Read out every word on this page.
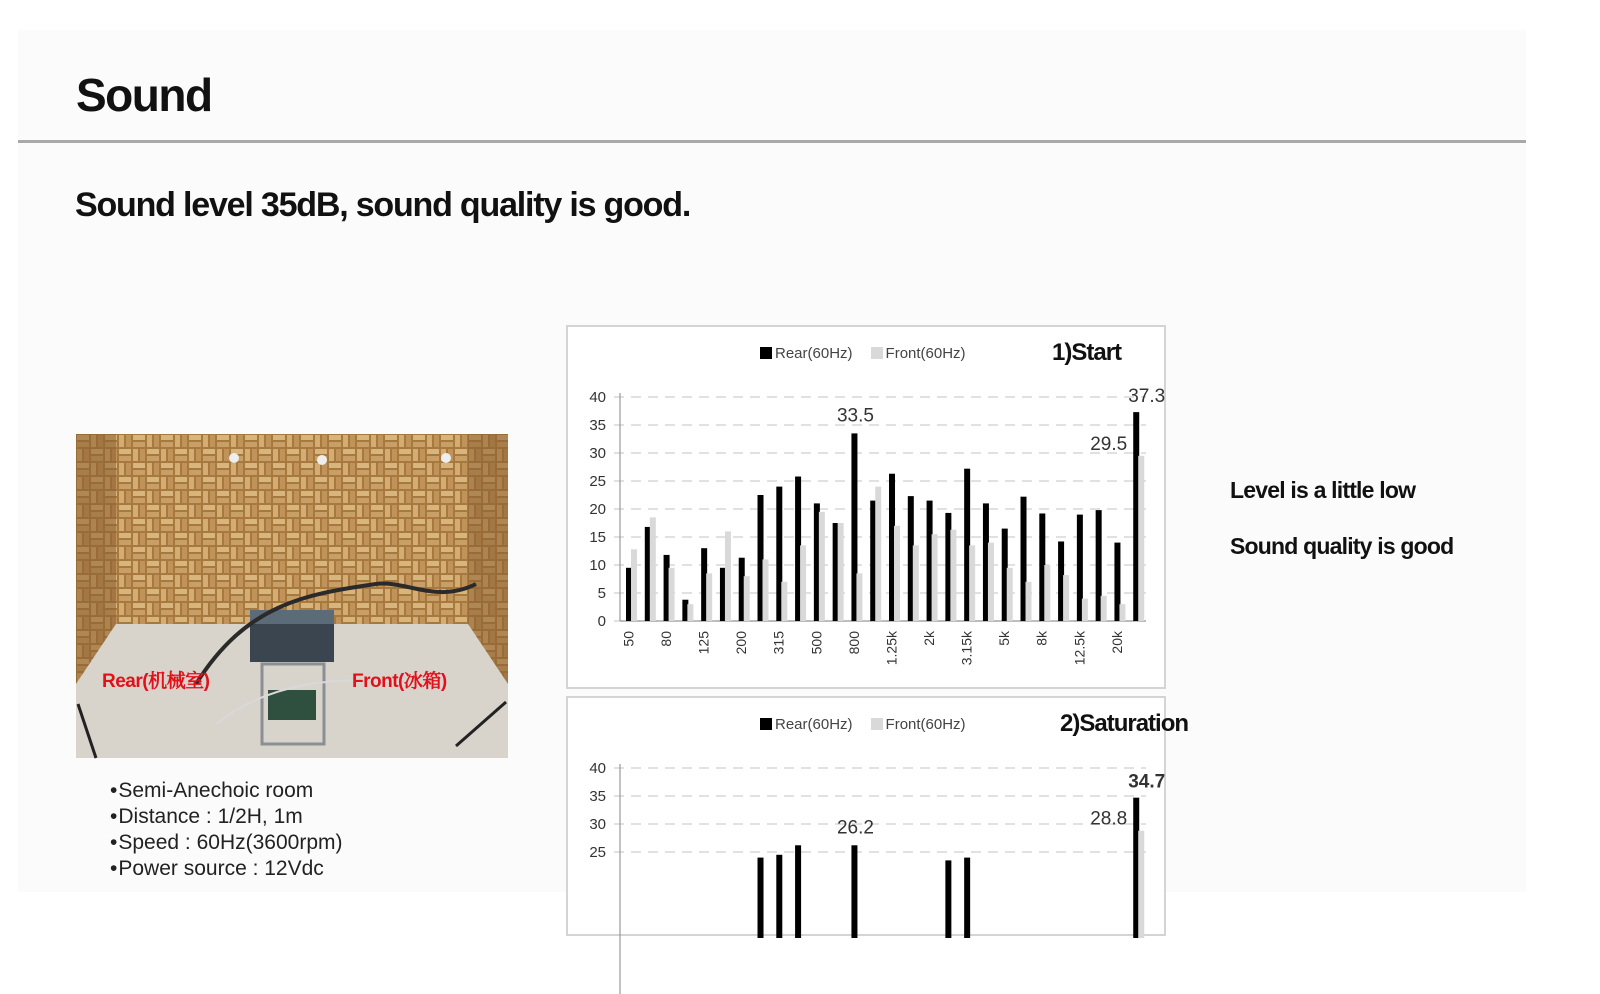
Sound
Sound level 35dB, sound quality is good.
Rear(机械室)	Front(冰箱)
• Semi-Anechoic room
• Distance : 1/2H, 1m
• Speed : 60Hz(3600rpm)
• Power source : 12Vdc
0
5
10
15
20
25
30
35
40
50 80 125 200 315 500 800 1.25k 2k 3.15k 5k 8k 12.5k 20k
33.5
37.3
29.5
Rear(60Hz)	Front(60Hz)	1)Start
25
30
35
40
26.2
34.7
28.8
Rear(60Hz)	Front(60Hz)	2)Saturation
Level is a little low
Sound quality is good
